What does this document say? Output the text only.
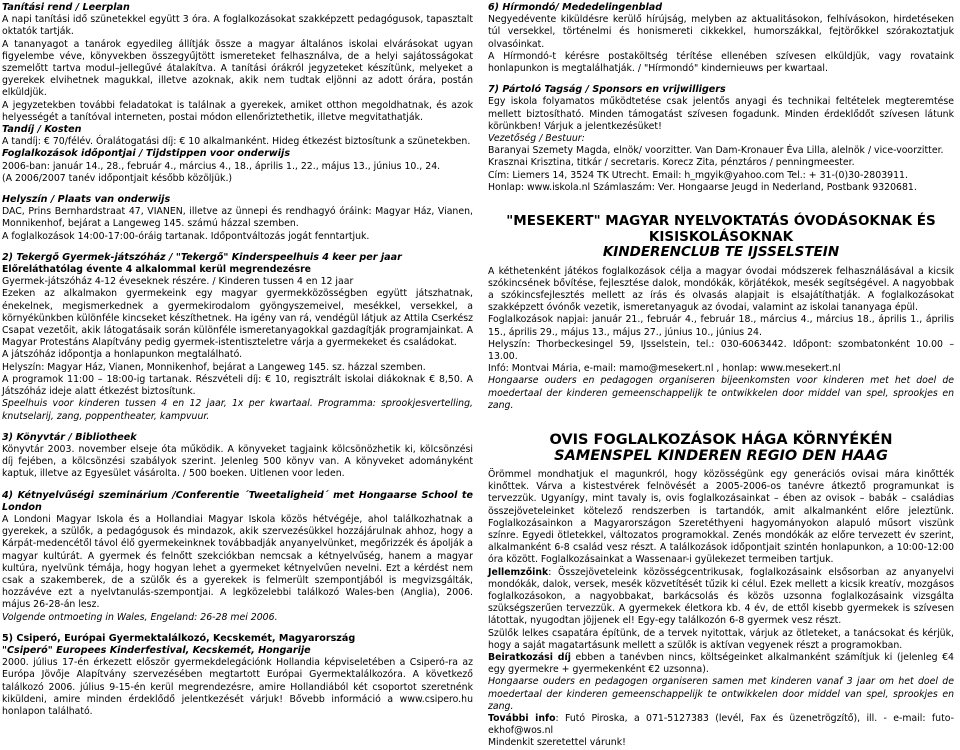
Tanítási rend / Leerplan

A napi tanítási idő szünetekkel együtt 3 óra. A foglalkozásokat szakképzett pedagógusok, tapasztalt oktatók tartják.

A tananyagot a tanárok egyedileg állítják össze a magyar általános iskolai elvárásokat ugyan figyelembe véve, könyvekben összegyűjtött ismereteket felhasználva, de a helyi sajátosságokat szemelőtt tartva modul–jellegűvé átalakítva. A tanítási órákról jegyzeteket készítünk, melyeket a gyerekek elvihetnek magukkal, illetve azoknak, akik nem tudtak eljönni az adott órára, postán elküldjük.

A jegyzetekben további feladatokat is találnak a gyerekek, amiket otthon megoldhatnak, és azok helyességét a tanítóval interneten, postai módon ellenőriztethetik, illetve megvitathatják.

Tandíj / Kosten

A tandíj: € 70/félév. Óralátogatási díj: € 10 alkalmanként. Hideg étkezést biztosítunk a szünetekben.

Foglalkozások időpontjai / Tijdstippen voor onderwijs

2006-ban: január 14., 28., február 4., március 4., 18., április 1., 22., május 13., június 10., 24.

(A 2006/2007 tanév időpontjait később közöljük.)

Helyszín / Plaats van onderwijs

DAC, Prins Bernhardstraat 47, VIANEN, illetve az ünnepi és rendhagyó óráink: Magyar Ház, Vianen, Monnikenhof, bejárat a Langeweg 145. számú házzal szemben.

A foglalkozások 14:00-17:00-óráig tartanak. Időpontváltozás jogát fenntartjuk.

2) Tekergő Gyermek-játszóház / "Tekergő" Kinderspeelhuis 4 keer per jaar

Előreláthatólag évente 4 alkalommal kerül megrendezésre

Gyermek-játszóház 4-12 éveseknek részére. / Kinderen tussen 4 en 12 jaar

Ezeken az alkalmakon gyermekeink egy magyar gyermekközösségben együtt játszhatnak, énekelnek, megismerkednek a gyermekirodalom gyöngyszemeivel, mesékkel, versekkel, a környékünkben különféle kincseket készíthetnek. Ha igény van rá, vendégül látjuk az Attila Cserkész Csapat vezetőit, akik látogatásaik során különféle ismeretanyagokkal gazdagítják programjainkat. A Magyar Protestáns Alapítvány pedig gyermek-istentiszteletre várja a gyermekeket és családokat.

A játszóház időpontja a honlapunkon megtalálható.

Helyszín: Magyar Ház, Vianen, Monnikenhof, bejárat a Langeweg 145. sz. házzal szemben.

A programok 11:00 – 18:00-ig tartanak. Részvételi díj: € 10, regisztrált iskolai diákoknak € 8,50. A Játszóház ideje alatt étkezést biztosítunk.

Speelhuis voor kinderen tussen 4 en 12 jaar, 1x per kwartaal. Programma: sprookjesvertelling, knutselarij, zang, poppentheater, kampvuur.

3) Könyvtár / Bibliotheek

Könyvtár 2003. november elseje óta működik. A könyveket tagjaink kölcsönözhetik ki, kölcsönzési díj fejében, a kölcsönzési szabályok szerint. Jelenleg 500 könyv van. A könyveket adományként kaptuk, illetve az Egyesület vásárolta. / 500 boeken. Uitlenen voor leden.

4) Kétnyelvűségi szeminárium /Conferentie ´Tweetaligheid´ met Hongaarse School te London

A Londoni Magyar Iskola és a Hollandiai Magyar Iskola közös hétvégéje, ahol találkozhatnak a gyerekek, a szülők, a pedagógusok és mindazok, akik szervezésükkel hozzájárulnak ahhoz, hogy a Kárpát-medencétől távol élő gyermekeinknek továbbadják anyanyelvünket, megőrizzék és ápolják a magyar kultúrát. A gyermek és felnőtt szekciókban nemcsak a kétnyelvűség, hanem a magyar kultúra, nyelvünk témája, hogy hogyan lehet a gyermeket kétnyelvűen nevelni. Ezt a kérdést nem csak a szakemberek, de a szülők és a gyerekek is felmerült szempontjából is megvizsgálták, hozzávéve ezt a nyelvtanulás-szempontjai. A legközelebbi találkozó Wales-ben (Anglia), 2006. május 26-28-án lesz.

Volgende ontmoeting in Wales, Engeland: 26-28 mei 2006.

5) Csiperó, Európai Gyermektalálkozó, Kecskemét, Magyarország

"Csiperó" Europees Kinderfestival, Kecskemét, Hongarije

2000. július 17-én érkezett először gyermekdelegációnk Hollandia képviseletében a Csiperó-ra az Európa Jövője Alapítvány szervezésében megtartott Európai Gyermektalálkozóra. A következő találkozó 2006. július 9-15-én kerül megrendezésre, amire Hollandiából két csoportot szeretnénk kiküldeni, amire minden érdeklődő jelentkezését várjuk! Bővebb információ a www.csipero.hu honlapon található.

6) Hírmondó/ Mededelingenblad

Negyedévente kiküldésre kerülő hírújság, melyben az aktualitásokon, felhívásokon, hirdetéseken túl versekkel, történelmi és honismereti cikkekkel, humorszákkal, fejtörőkkel szórakoztatjuk olvasóinkat.

A Hírmondó-t kérésre postaköltség térítése ellenében szívesen elküldjük, vagy rovataink honlapunkon is megtalálhatják. / "Hírmondó" kindernieuws per kwartaal.

7) Pártoló Tagság / Sponsors en vrijwilligers

Egy iskola folyamatos működtetése csak jelentős anyagi és technikai feltételek megteremtése mellett biztosítható. Minden támogatást szívesen fogadunk. Minden érdeklődőt szívesen látunk körünkben! Várjuk a jelentkezésüket!

Vezetőség / Bestuur:

Baranyai Szemety Magda, elnök/ voorzitter. Van Dam-Kronauer Éva Lilla, alelnök / vice-voorzitter.

Krasznai Krisztina, titkár / secretaris. Korecz Zita, pénztáros / penningmeester.

Cím: Liemers 14, 3524 TK Utrecht. Email: h_mgyik@yahoo.com Tel.: + 31-(0)30-2803911.

Honlap: www.iskola.nl Számlaszám: Ver. Hongaarse Jeugd in Nederland, Postbank 9320681.

"MESEKERT" MAGYAR NYELVOKTATÁS ÓVODÁSOKNAK ÉS

KISISKOLÁSOKNAK

KINDERENCLUB TE IJSSELSTEIN

A kéthetenként játékos foglalkozások célja a magyar óvodai módszerek felhasználásával a kicsik szókincsének bővítése, fejlesztése dalok, mondókák, körjátékok, mesék segítségével. A nagyobbak a szókincsfejlesztés mellett az írás és olvasás alapjait is elsajátíthatják. A foglalkozásokat szakképzett óvónők vezetik, ismeretanyaguk az óvodai, valamint az iskolai tananyaga épül.

Foglalkozások napjai: január 21., február 4., február 18., március 4., március 18., április 1., április 15., április 29., május 13., május 27., június 10., június 24.

Helyszín: Thorbeckesingel 59, IJsselstein, tel.: 030-6063442. Időpont: szombatonként 10.00 – 13.00.

Infó: Montvai Mária, e-mail: mamo@mesekert.nl , honlap: www.mesekert.nl

Hongaarse ouders en pedagogen organiseren bijeenkomsten voor kinderen met het doel de moedertaal der kinderen gemeenschappelijk te ontwikkelen door middel van spel, sprookjes en zang.

OVIS FOGLALKOZÁSOK HÁGA KÖRNYÉKÉN

SAMENSPEL KINDEREN REGIO DEN HAAG

Örömmel mondhatjuk el magunkról, hogy közösségünk egy generációs ovisai mára kinőtték kinőttek. Várva a kistestvérek felnövését a 2005-2006-os tanévre átkeztő programunkat is tervezzük. Ugyanígy, mint tavaly is, ovis foglalkozásainkat – ében az ovisok – babák – családias összejöveteleinket kötelező rendszerben is tartandók, amit alkalmanként előre jeleztünk. Foglalkozásainkon a Magyarországon Szeretéthyeni hagyományokon alapuló műsort viszünk színre. Egyedi ötletekkel, változatos programokkal. Zenés mondókák az előre tervezett év szerint, alkalmanként 6-8 család vesz részt. A találkozások időpontjait szintén honlapunkon, a 10:00-12:00 óra között. Foglalkozásainkat a Wassenaar-i gyülekezet termeiben tartjuk.

Jellemzőink: Összejöveteleink közösségcentrikusak, foglalkozásaink elsősorban az anyanyelvi mondókák, dalok, versek, mesék közvetítését tűzik ki célul. Ezek mellett a kicsik kreatív, mozgásos foglalkozásokon, a nagyobbakat, barkácsolás és közös uzsonna foglalkozásaink vizsgálta szükségszerűen tervezzük. A gyermekek életkora kb. 4 év, de ettől kisebb gyermekek is szívesen látottak, nyugodtan jöjjenek el! Egy-egy találkozón 6-8 gyermek vesz részt.

Szülők lelkes csapatára építünk, de a tervek nyitottak, várjuk az ötleteket, a tanácsokat és kérjük, hogy a saját magatartásunk mellett a szülők is aktívan vegyenek részt a programokban.

Beiratkozási díj ebben a tanévben nincs, költségeinket alkalmanként számítjuk ki (jelenleg €4 egy gyermekre + gyermekenként €2 uzsonna).

Hongaarse ouders en pedagogen organiseren samen met kinderen vanaf 3 jaar om het doel de moedertaal der kinderen gemeenschappelijk te ontwikkelen door middel van spel, sprookjes en zang.

További info: Futó Piroska, a 071-5127383 (levél, Fax és üzenetrögzítő), ill. - e-mail: futo-ekhof@wos.nl

Mindenkit szeretettel várunk!
